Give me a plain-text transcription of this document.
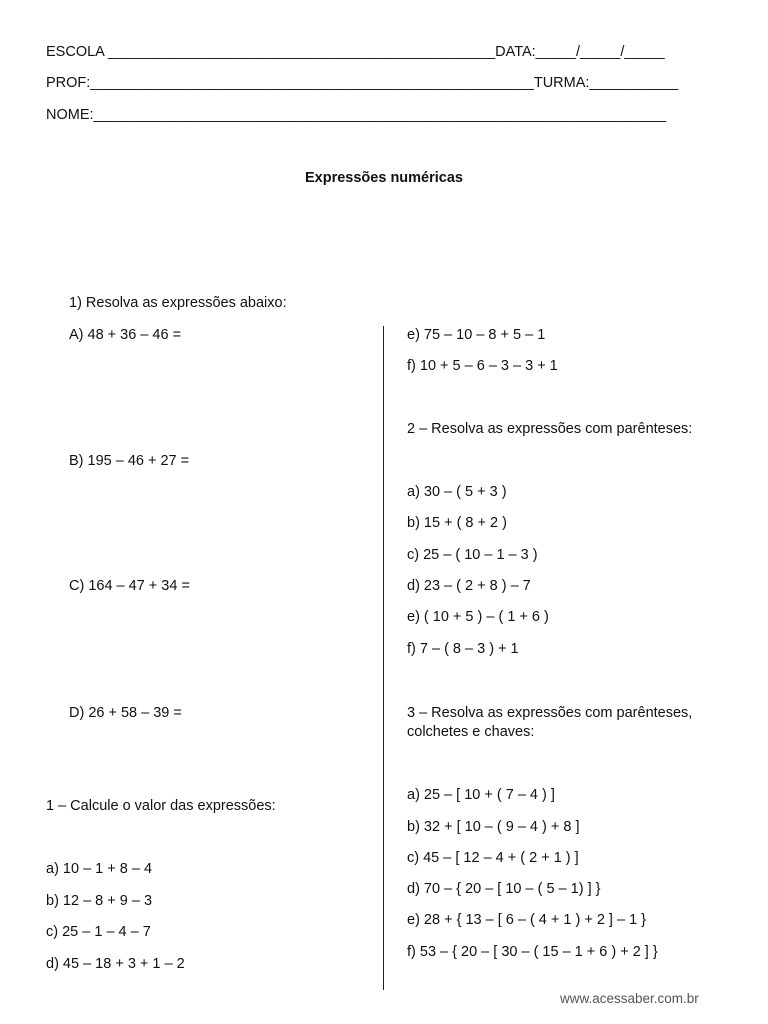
ESCOLA ________________________________________________DATA:_____/_____/_____
PROF:_______________________________________________________TURMA:___________
NOME:_______________________________________________________________________
Expressões numéricas
1) Resolva as expressões abaixo:
A) 48 + 36 – 46 =
B) 195 – 46 + 27 =
C) 164 – 47 + 34 =
D) 26 + 58 – 39 =
1 – Calcule o valor das expressões:
a) 10 – 1 + 8 – 4
b) 12 – 8 + 9 – 3
c) 25 – 1 – 4 – 7
d) 45 – 18 + 3 + 1 – 2
e) 75 – 10 – 8 + 5 – 1
f) 10 + 5 – 6 – 3 – 3 + 1
2 – Resolva as expressões com parênteses:
a) 30 – ( 5 + 3 )
b) 15 + ( 8 + 2 )
c) 25 – ( 10 – 1 – 3 )
d) 23 – ( 2 + 8 ) – 7
e) ( 10 + 5 ) – ( 1 + 6 )
f) 7 – ( 8 – 3 ) + 1
3 – Resolva as expressões com parênteses,
colchetes e chaves:
a) 25 – [ 10 + ( 7 – 4 ) ]
b) 32 + [ 10 – ( 9 – 4 ) + 8 ]
c) 45 – [ 12 – 4 + ( 2 + 1 ) ]
d) 70 – { 20 – [ 10 – ( 5 – 1) ] }
e) 28 + { 13 – [ 6 – ( 4 + 1 ) + 2 ] – 1 }
f) 53 – { 20 – [ 30 – ( 15 – 1 + 6 ) + 2 ] }
www.acessaber.com.br
